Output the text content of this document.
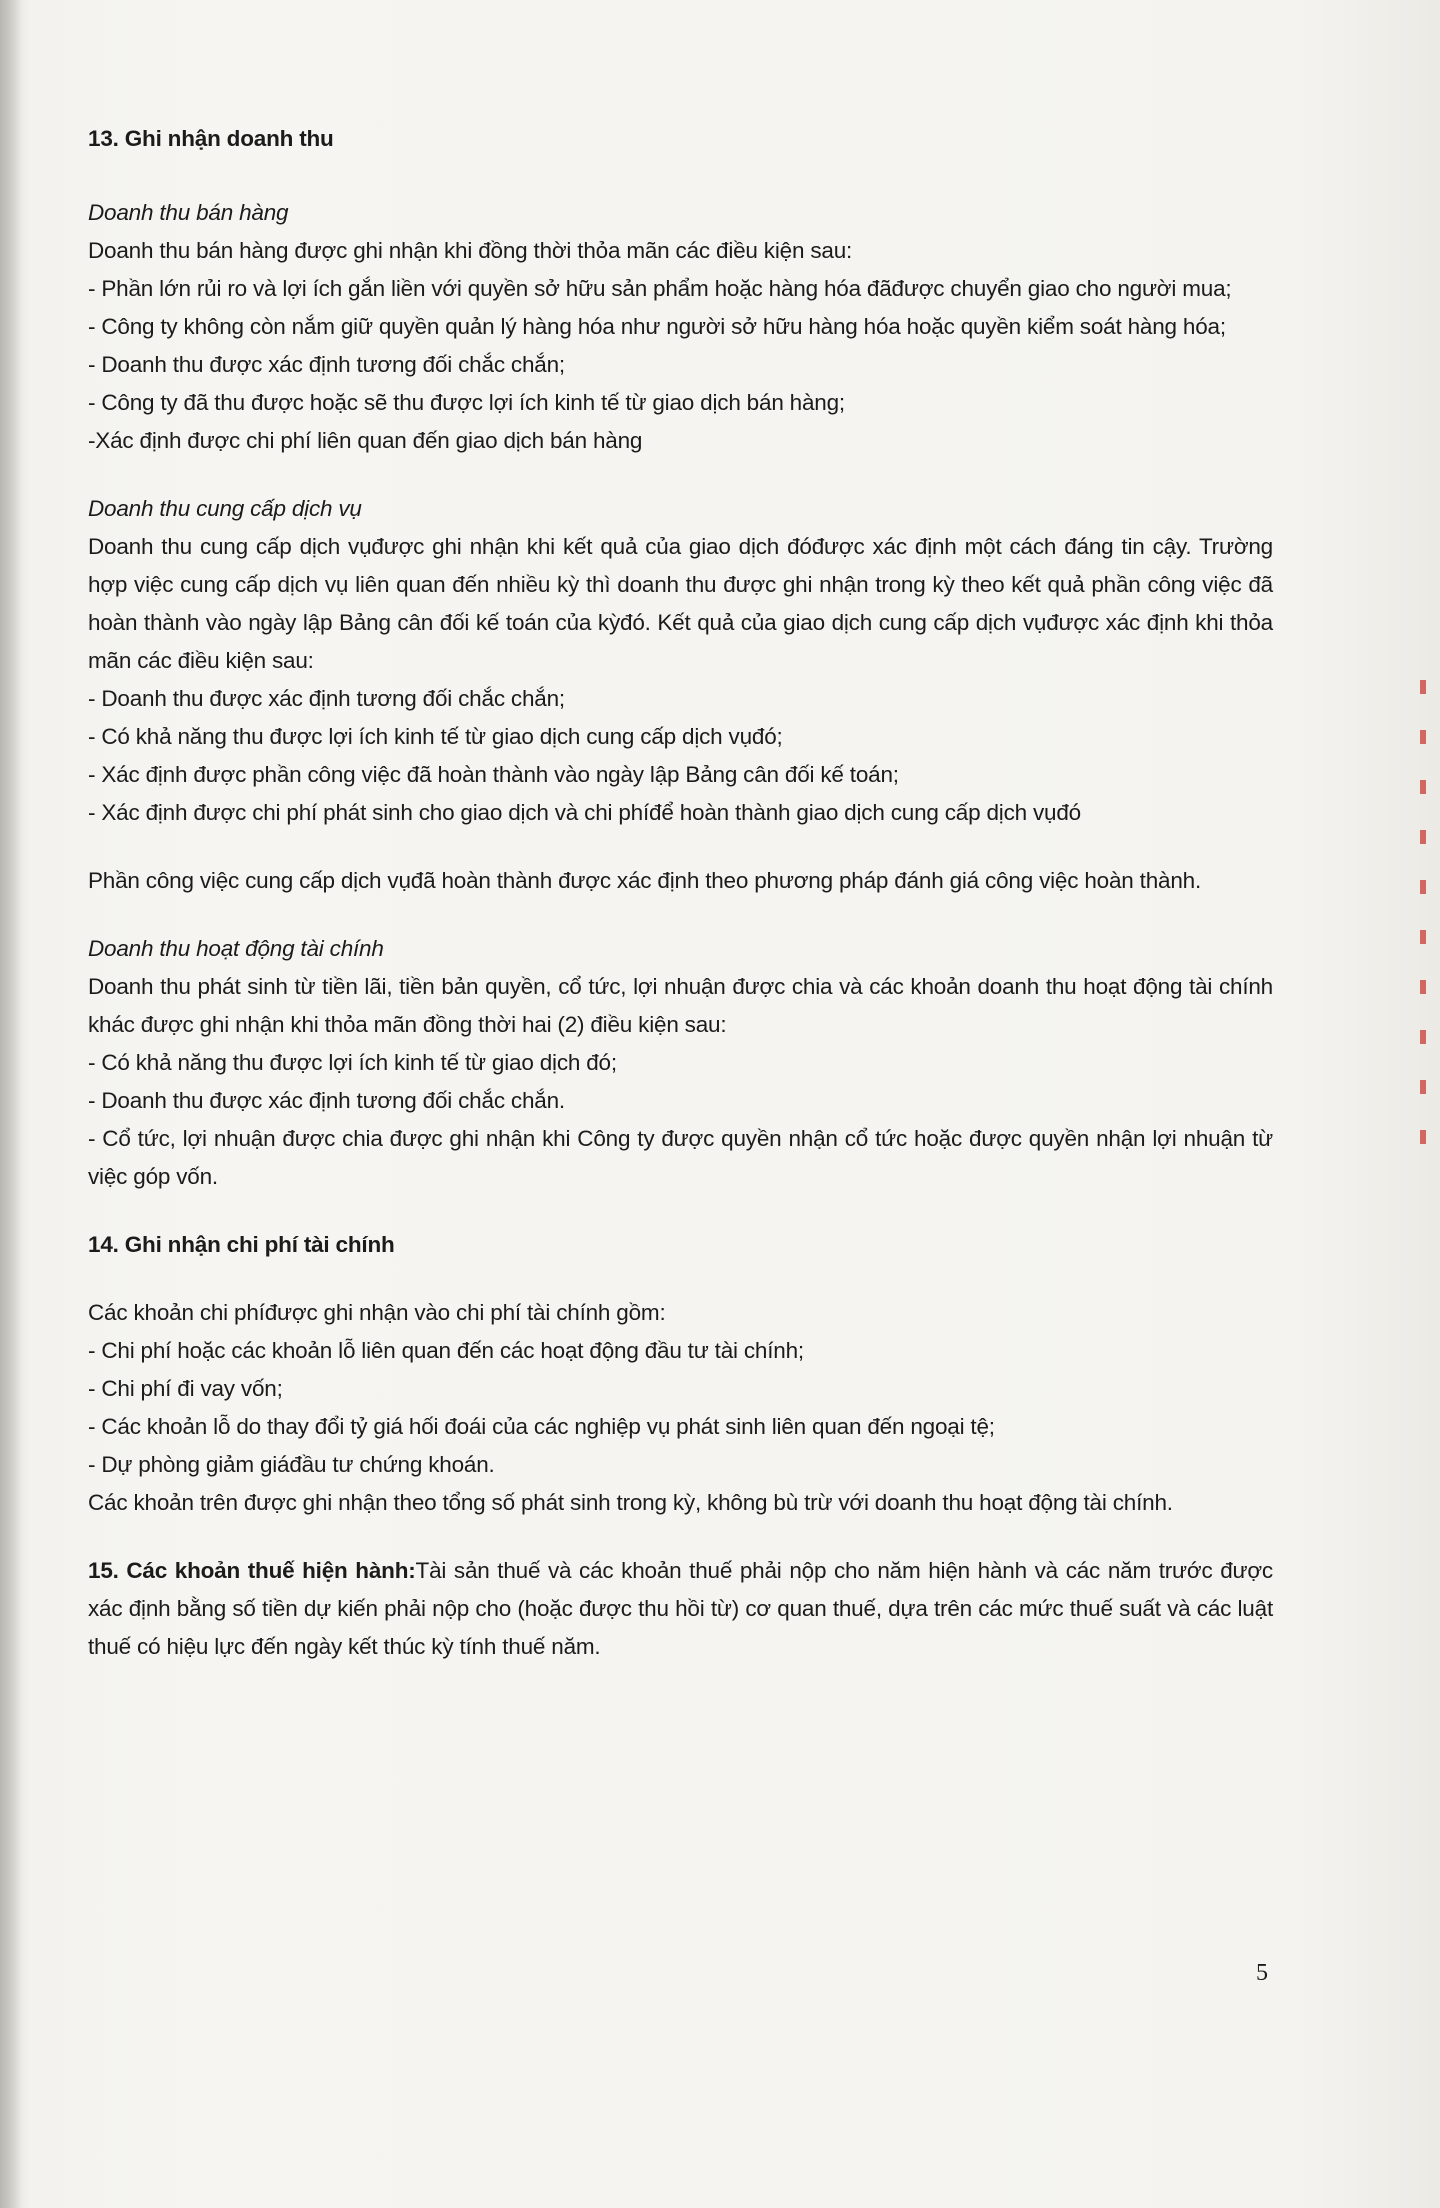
13. Ghi nhận doanh thu

Doanh thu bán hàng

Doanh thu bán hàng được ghi nhận khi đồng thời thỏa mãn các điều kiện sau:

- Phần lớn rủi ro và lợi ích gắn liền với quyền sở hữu sản phẩm hoặc hàng hóa đãđược chuyển giao cho người mua;

- Công ty không còn nắm giữ quyền quản lý hàng hóa như người sở hữu hàng hóa hoặc quyền kiểm soát hàng hóa;

- Doanh thu được xác định tương đối chắc chắn;

- Công ty đã thu được hoặc sẽ thu được lợi ích kinh tế từ giao dịch bán hàng;

-Xác định được chi phí liên quan đến giao dịch bán hàng

Doanh thu cung cấp dịch vụ

Doanh thu cung cấp dịch vụđược ghi nhận khi kết quả của giao dịch đóđược xác định một cách đáng tin cậy. Trường hợp việc cung cấp dịch vụ liên quan đến nhiều kỳ thì doanh thu được ghi nhận trong kỳ theo kết quả phần công việc đã hoàn thành vào ngày lập Bảng cân đối kế toán của kỳđó. Kết quả của giao dịch cung cấp dịch vụđược xác định khi thỏa mãn các điều kiện sau:

- Doanh thu được xác định tương đối chắc chắn;

- Có khả năng thu được lợi ích kinh tế từ giao dịch cung cấp dịch vụđó;

- Xác định được phần công việc đã hoàn thành vào ngày lập Bảng cân đối kế toán;

- Xác định được chi phí phát sinh cho giao dịch và chi phíđể hoàn thành giao dịch cung cấp dịch vụđó

Phần công việc cung cấp dịch vụđã hoàn thành được xác định theo phương pháp đánh giá công việc hoàn thành.

Doanh thu hoạt động tài chính

Doanh thu phát sinh từ tiền lãi, tiền bản quyền, cổ tức, lợi nhuận được chia và các khoản doanh thu hoạt động tài chính khác được ghi nhận khi thỏa mãn đồng thời hai (2) điều kiện sau:

- Có khả năng thu được lợi ích kinh tế từ giao dịch đó;

- Doanh thu được xác định tương đối chắc chắn.

- Cổ tức, lợi nhuận được chia được ghi nhận khi Công ty được quyền nhận cổ tức hoặc được quyền nhận lợi nhuận từ việc góp vốn.

14. Ghi nhận chi phí tài chính

Các khoản chi phíđược ghi nhận vào chi phí tài chính gồm:

- Chi phí hoặc các khoản lỗ liên quan đến các hoạt động đầu tư tài chính;

- Chi phí đi vay vốn;

- Các khoản lỗ do thay đổi tỷ giá hối đoái của các nghiệp vụ phát sinh liên quan đến ngoại tệ;

- Dự phòng giảm giáđầu tư chứng khoán.

Các khoản trên được ghi nhận theo tổng số phát sinh trong kỳ, không bù trừ với doanh thu hoạt động tài chính.

15. Các khoản thuế hiện hành:Tài sản thuế và các khoản thuế phải nộp cho năm hiện hành và các năm trước được xác định bằng số tiền dự kiến phải nộp cho (hoặc được thu hồi từ) cơ quan thuế, dựa trên các mức thuế suất và các luật thuế có hiệu lực đến ngày kết thúc kỳ tính thuế năm.

5
